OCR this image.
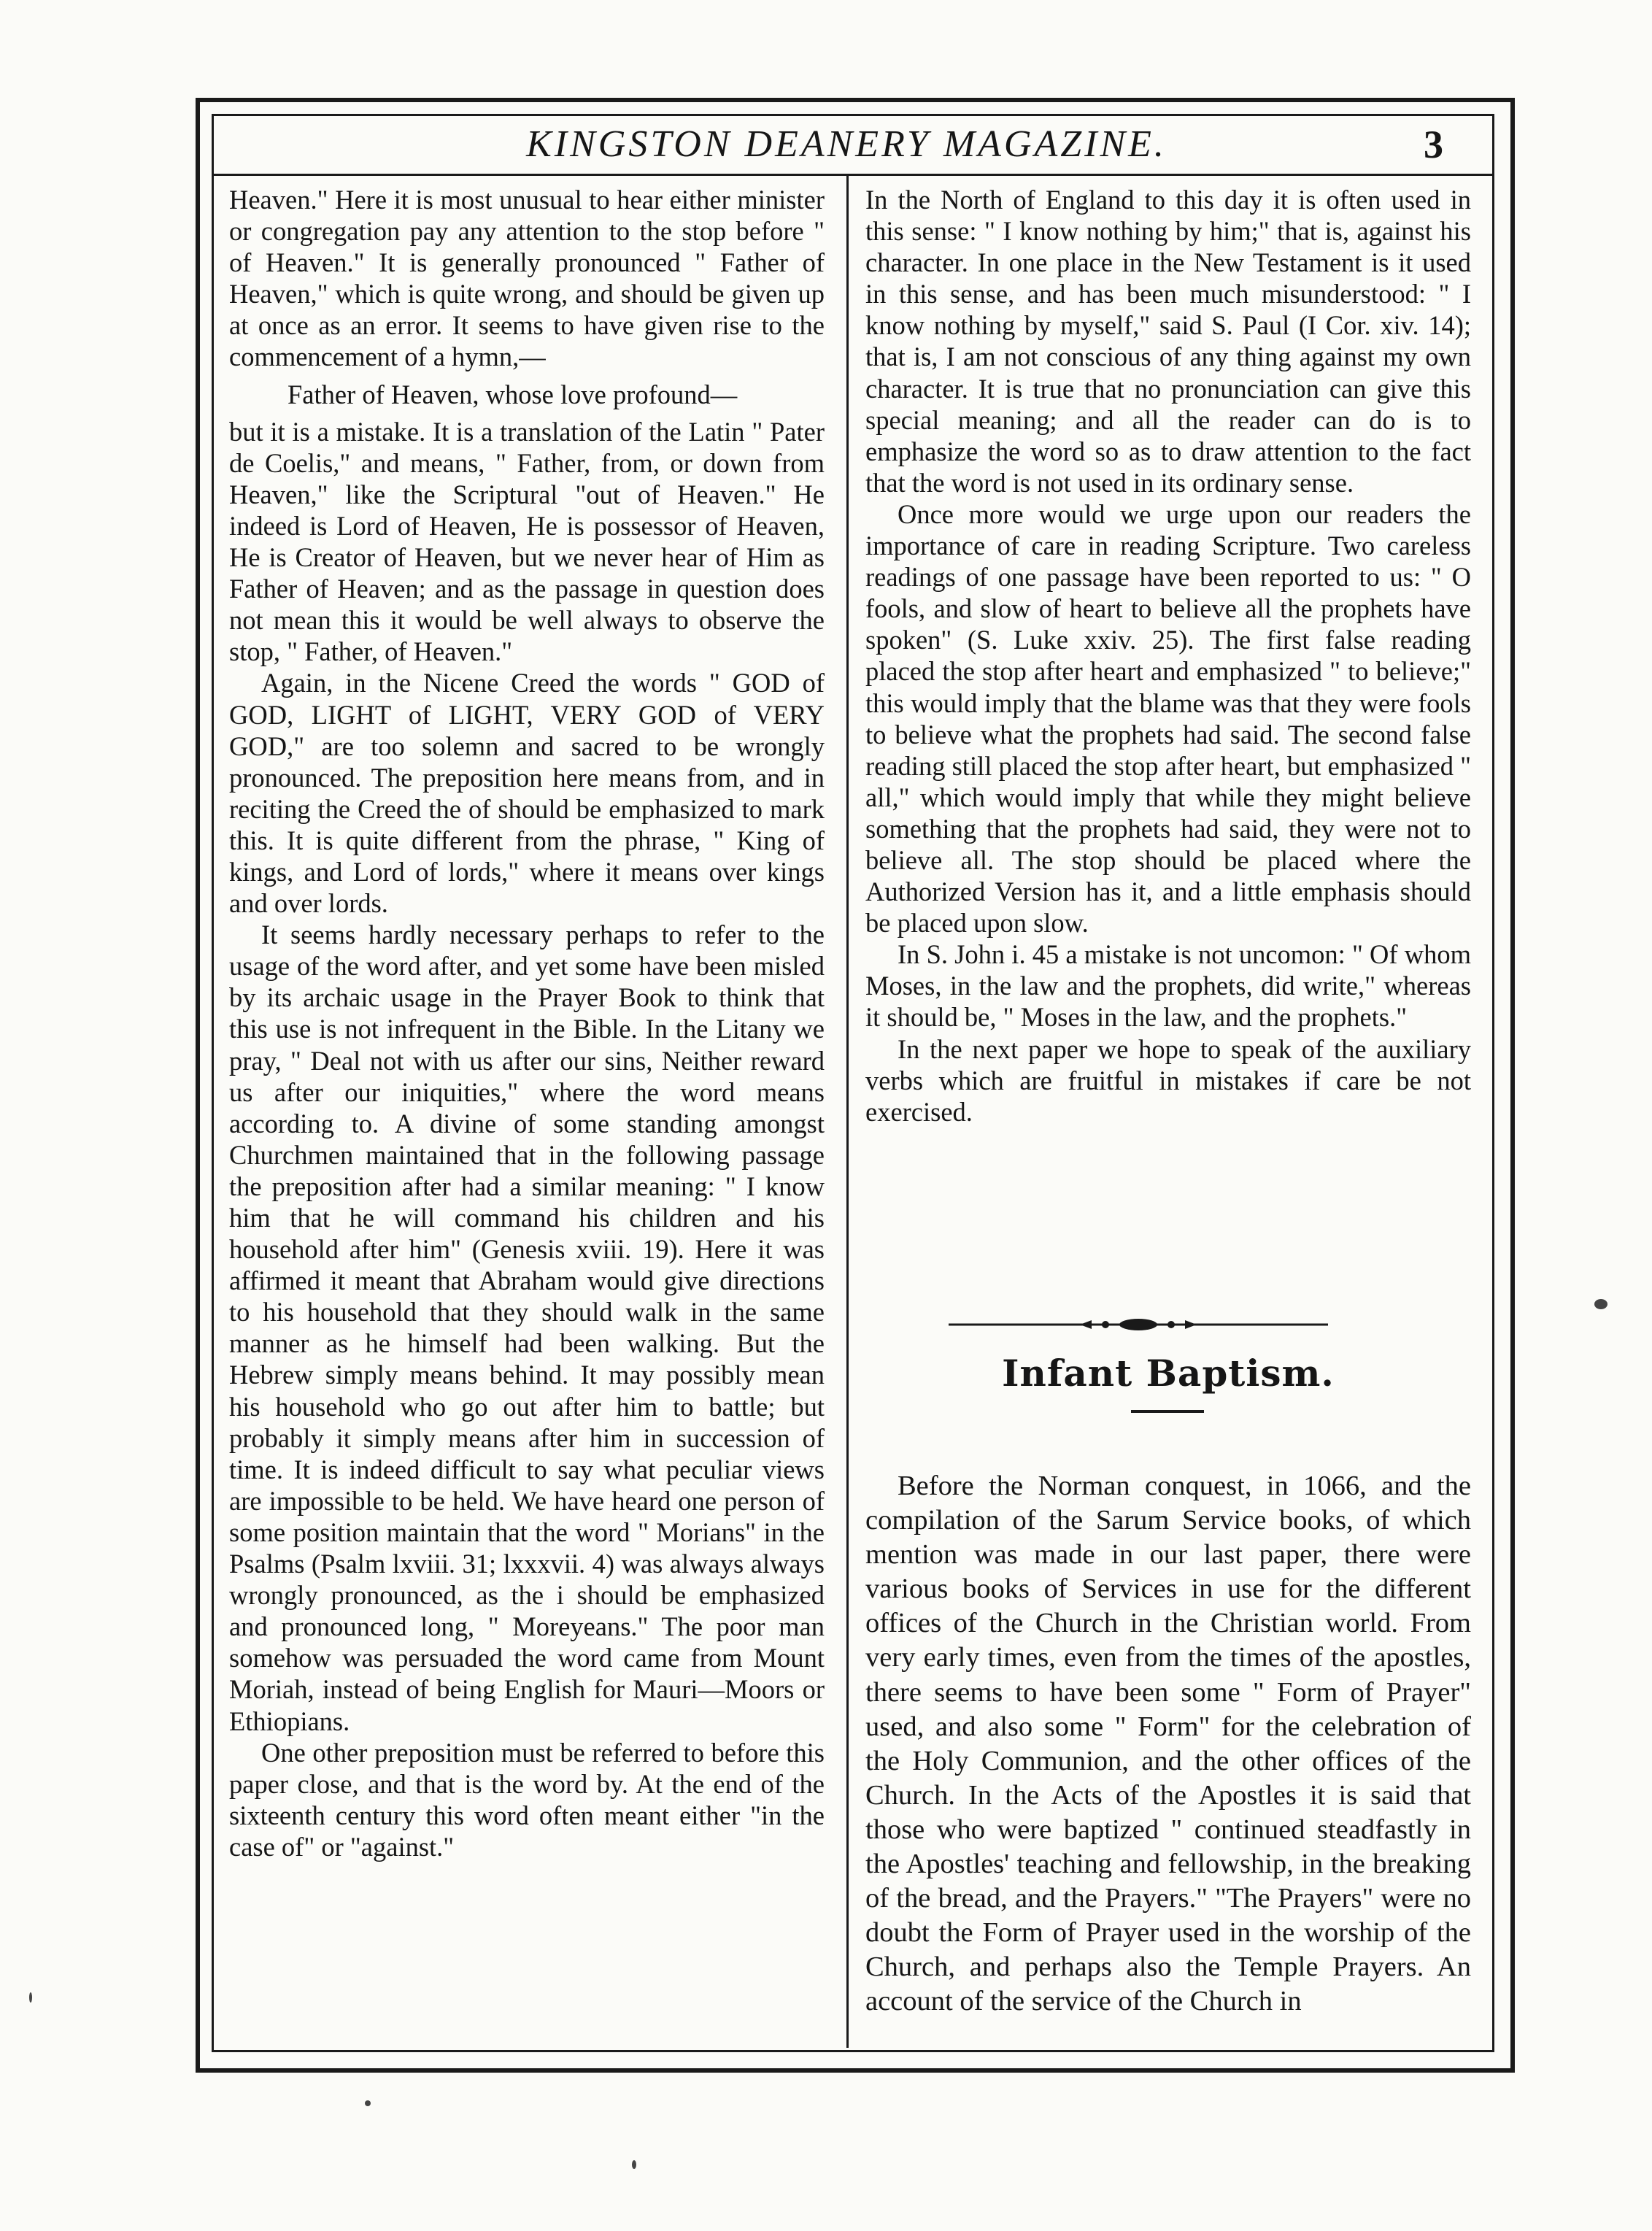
KINGSTON DEANERY MAGAZINE.	3

Heaven." Here it is most unusual to hear either minister or congregation pay any attention to the stop before " of Heaven." It is generally pronounced " Father of Heaven," which is quite wrong, and should be given up at once as an error. It seems to have given rise to the commencement of a hymn,—

Father of Heaven, whose love profound—

but it is a mistake. It is a translation of the Latin " Pater de Coelis," and means, " Father, from, or down from Heaven," like the Scriptural "out of Heaven." He indeed is Lord of Heaven, He is possessor of Heaven, He is Creator of Heaven, but we never hear of Him as Father of Heaven; and as the passage in question does not mean this it would be well always to observe the stop, " Father, of Heaven."

Again, in the Nicene Creed the words " GOD of GOD, LIGHT of LIGHT, VERY GOD of VERY GOD," are too solemn and sacred to be wrongly pronounced. The preposition here means from, and in reciting the Creed the of should be emphasized to mark this. It is quite different from the phrase, " King of kings, and Lord of lords," where it means over kings and over lords.

It seems hardly necessary perhaps to refer to the usage of the word after, and yet some have been misled by its archaic usage in the Prayer Book to think that this use is not infrequent in the Bible. In the Litany we pray, " Deal not with us after our sins, Neither reward us after our iniquities," where the word means according to. A divine of some standing amongst Churchmen maintained that in the following passage the preposition after had a similar meaning: " I know him that he will command his children and his household after him" (Genesis xviii. 19). Here it was affirmed it meant that Abraham would give directions to his household that they should walk in the same manner as he himself had been walking. But the Hebrew simply means behind. It may possibly mean his household who go out after him to battle; but probably it simply means after him in succession of time. It is indeed difficult to say what peculiar views are impossible to be held. We have heard one person of some position maintain that the word " Morians" in the Psalms (Psalm lxviii. 31; lxxxvii. 4) was always always wrongly pronounced, as the i should be emphasized and pronounced long, " Moreyeans." The poor man somehow was persuaded the word came from Mount Moriah, instead of being English for Mauri—Moors or Ethiopians.

One other preposition must be referred to before this paper close, and that is the word by. At the end of the sixteenth century this word often meant either "in the case of" or "against."

In the North of England to this day it is often used in this sense: " I know nothing by him;" that is, against his character. In one place in the New Testament is it used in this sense, and has been much misunderstood: " I know nothing by myself," said S. Paul (I Cor. xiv. 14); that is, I am not conscious of any thing against my own character. It is true that no pronunciation can give this special meaning; and all the reader can do is to emphasize the word so as to draw attention to the fact that the word is not used in its ordinary sense.

Once more would we urge upon our readers the importance of care in reading Scripture. Two careless readings of one passage have been reported to us: " O fools, and slow of heart to believe all the prophets have spoken" (S. Luke xxiv. 25). The first false reading placed the stop after heart and emphasized " to believe;" this would imply that the blame was that they were fools to believe what the prophets had said. The second false reading still placed the stop after heart, but emphasized " all," which would imply that while they might believe something that the prophets had said, they were not to believe all. The stop should be placed where the Authorized Version has it, and a little emphasis should be placed upon slow.

In S. John i. 45 a mistake is not uncomon: " Of whom Moses, in the law and the prophets, did write," whereas it should be, " Moses in the law, and the prophets."

In the next paper we hope to speak of the auxiliary verbs which are fruitful in mistakes if care be not exercised.

Infant Baptism.

Before the Norman conquest, in 1066, and the compilation of the Sarum Service books, of which mention was made in our last paper, there were various books of Services in use for the different offices of the Church in the Christian world. From very early times, even from the times of the apostles, there seems to have been some " Form of Prayer" used, and also some " Form" for the celebration of the Holy Communion, and the other offices of the Church. In the Acts of the Apostles it is said that those who were baptized " continued steadfastly in the Apostles' teaching and fellowship, in the breaking of the bread, and the Prayers." "The Prayers" were no doubt the Form of Prayer used in the worship of the Church, and perhaps also the Temple Prayers. An account of the service of the Church in
